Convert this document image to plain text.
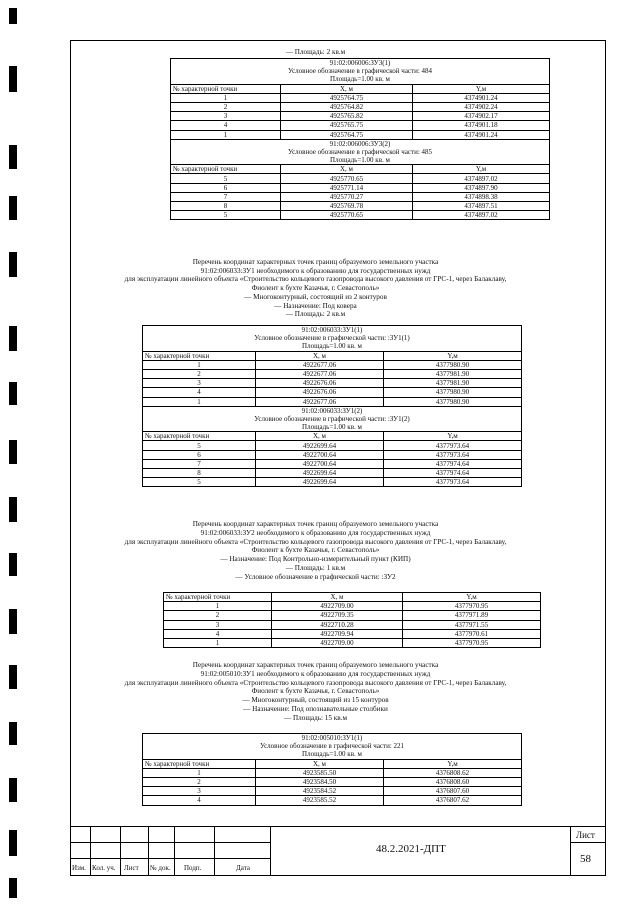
— Площадь: 2 кв.м
91:02:006006:ЗУ3(1)		
Условное обозначение в графической части: 484		
Площадь=1.00 кв. м		
№ характерной точки	X, м	Y,м
1	4925764.75	4374901.24
2	4925764.82	4374902.24
3	4925765.82	4374902.17
4	4925765.75	4374901.18
1	4925764.75	4374901.24
91:02:006006:ЗУ3(2)		
Условное обозначение в графической части: 485		
Площадь=1.00 кв. м		
№ характерной точки	X, м	Y,м
5	4925770.65	4374897.02
6	4925771.14	4374897.90
7	4925770.27	4374898.38
8	4925769.78	4374897.51
5	4925770.65	4374897.02
Перечень координат характерных точек границ образуемого земельного участка
91:02:006033:ЗУ1 необходимого к образованию для государственных нужд
для эксплуатации линейного объекта «Строительство кольцевого газопровода высокого давления от ГРС-1, через Балаклаву,
Фиолент к бухте Казачья, г. Севастополь»
— Многоконтурный, состоящий из 2 контуров
— Назначение: Под ковера
— Площадь: 2 кв.м
91:02:006033:ЗУ1(1)		
Условное обозначение в графической части: :ЗУ1(1)		
Площадь=1.00 кв. м		
№ характерной точки	X, м	Y,м
1	4922677.06	4377980.90
2	4922677.06	4377981.90
3	4922676.06	4377981.90
4	4922676.06	4377980.90
1	4922677.06	4377980.90
91:02:006033:ЗУ1(2)		
Условное обозначение в графической части: :ЗУ1(2)		
Площадь=1.00 кв. м		
№ характерной точки	X, м	Y,м
5	4922699.64	4377973.64
6	4922700.64	4377973.64
7	4922700.64	4377974.64
8	4922699.64	4377974.64
5	4922699.64	4377973.64
Перечень координат характерных точек границ образуемого земельного участка
91:02:006033:ЗУ2 необходимого к образованию для государственных нужд
для эксплуатации линейного объекта «Строительство кольцевого газопровода высокого давления от ГРС-1, через Балаклаву,
Фиолент к бухте Казачья, г. Севастополь»
— Назначение: Под Контрольно-измерительный пункт (КИП)
— Площадь: 1 кв.м
— Условное обозначение в графической части: :ЗУ2
№ характерной точки	X, м	Y,м
1	4922709.00	4377970.95
2	4922709.35	4377971.89
3	4922710.28	4377971.55
4	4922709.94	4377970.61
1	4922709.00	4377970.95
Перечень координат характерных точек границ образуемого земельного участка
91:02:005010:ЗУ1 необходимого к образованию для государственных нужд
для эксплуатации линейного объекта «Строительство кольцевого газопровода высокого давления от ГРС-1, через Балаклаву,
Фиолент к бухте Казачья, г. Севастополь»
— Многоконтурный, состоящий из 15 контуров
— Назначение: Под опознавательные столбики
— Площадь: 15 кв.м
91:02:005010:ЗУ1(1)		
Условное обозначение в графической части: 221		
Площадь=1.00 кв. м		
№ характерной точки	X, м	Y,м
1	4923585.50	4376808.62
2	4923584.50	4376808.60
3	4923584.52	4376807.60
4	4923585.52	4376807.62
Изм. Кол. уч. Лист № док. Подп.	Дата
48.2.2021-ДПТ
Лист
58
